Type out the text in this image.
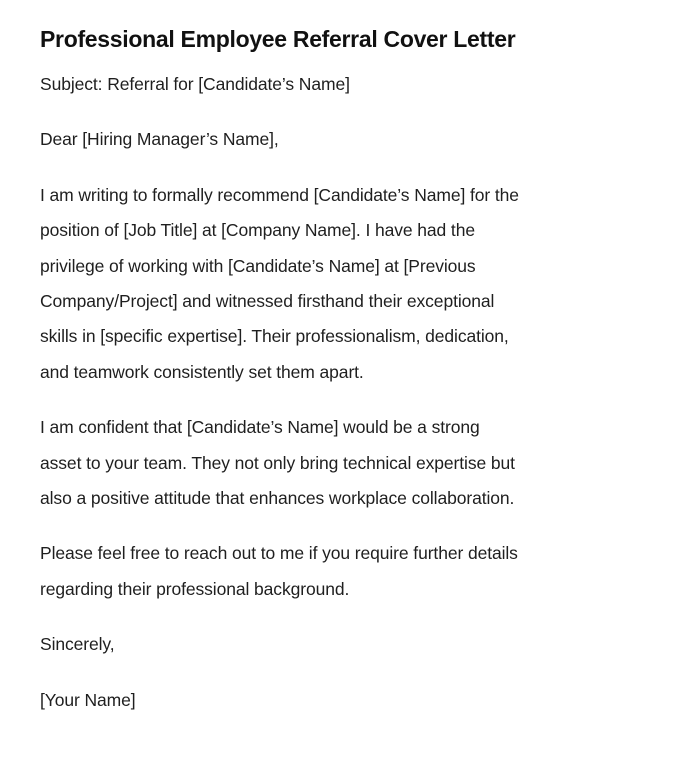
Professional Employee Referral Cover Letter
Subject: Referral for [Candidate’s Name]
Dear [Hiring Manager’s Name],
I am writing to formally recommend [Candidate’s Name] for the
position of [Job Title] at [Company Name]. I have had the
privilege of working with [Candidate’s Name] at [Previous
Company/Project] and witnessed firsthand their exceptional
skills in [specific expertise]. Their professionalism, dedication,
and teamwork consistently set them apart.
I am confident that [Candidate’s Name] would be a strong
asset to your team. They not only bring technical expertise but
also a positive attitude that enhances workplace collaboration.
Please feel free to reach out to me if you require further details
regarding their professional background.
Sincerely,
[Your Name]
